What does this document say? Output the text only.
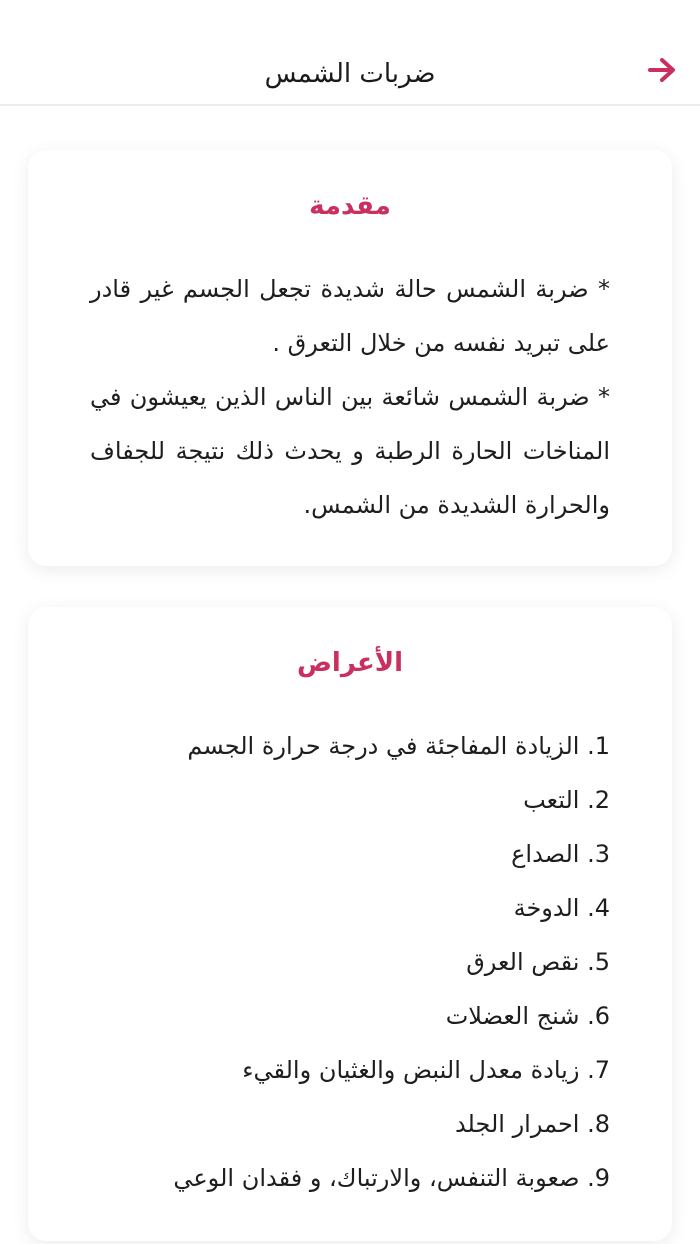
ضربات الشمس
مقدمة

* ضربة الشمس حالة شديدة تجعل الجسم غير قادر على تبريد نفسه من خلال التعرق .

* ضربة الشمس شائعة بين الناس الذين يعيشون في المناخات الحارة الرطبة و يحدث ذلك نتيجة للجفاف والحرارة الشديدة من الشمس.

الأعراض
1. الزيادة المفاجئة في درجة حرارة الجسم
2. التعب
3. الصداع
4. الدوخة
5. نقص العرق
6. شنج العضلات
7. زيادة معدل النبض والغثيان والقيء
8. احمرار الجلد
9. صعوبة التنفس، والارتباك، و فقدان الوعي
